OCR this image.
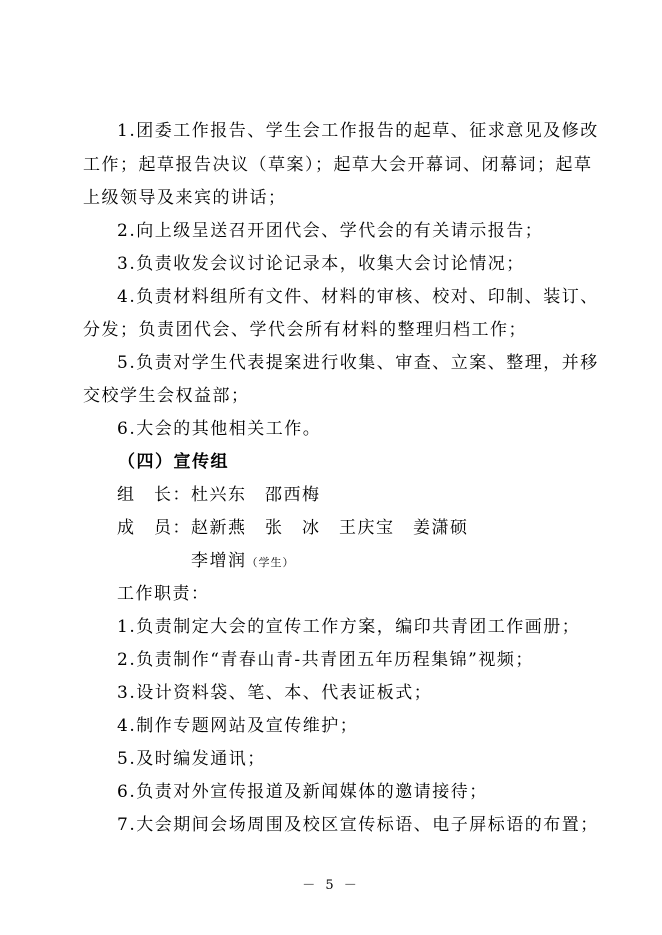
1.团委工作报告、学生会工作报告的起草、征求意见及修改
工作；起草报告决议（草案）；起草大会开幕词、闭幕词；起草
上级领导及来宾的讲话；
2.向上级呈送召开团代会、学代会的有关请示报告；
3.负责收发会议讨论记录本，收集大会讨论情况；
4.负责材料组所有文件、材料的审核、校对、印制、装订、
分发；负责团代会、学代会所有材料的整理归档工作；
5.负责对学生代表提案进行收集、审查、立案、整理，并移
交校学生会权益部；
6.大会的其他相关工作。
（四）宣传组
组　长：杜兴东　邵西梅
成　员：赵新燕　张　冰　王庆宝　姜潇硕
李增润（学生）
工作职责：
1.负责制定大会的宣传工作方案，编印共青团工作画册；
2.负责制作“青春山青-共青团五年历程集锦”视频；
3.设计资料袋、笔、本、代表证板式；
4.制作专题网站及宣传维护；
5.及时编发通讯；
6.负责对外宣传报道及新闻媒体的邀请接待；
7.大会期间会场周围及校区宣传标语、电子屏标语的布置；
－ 5 －
